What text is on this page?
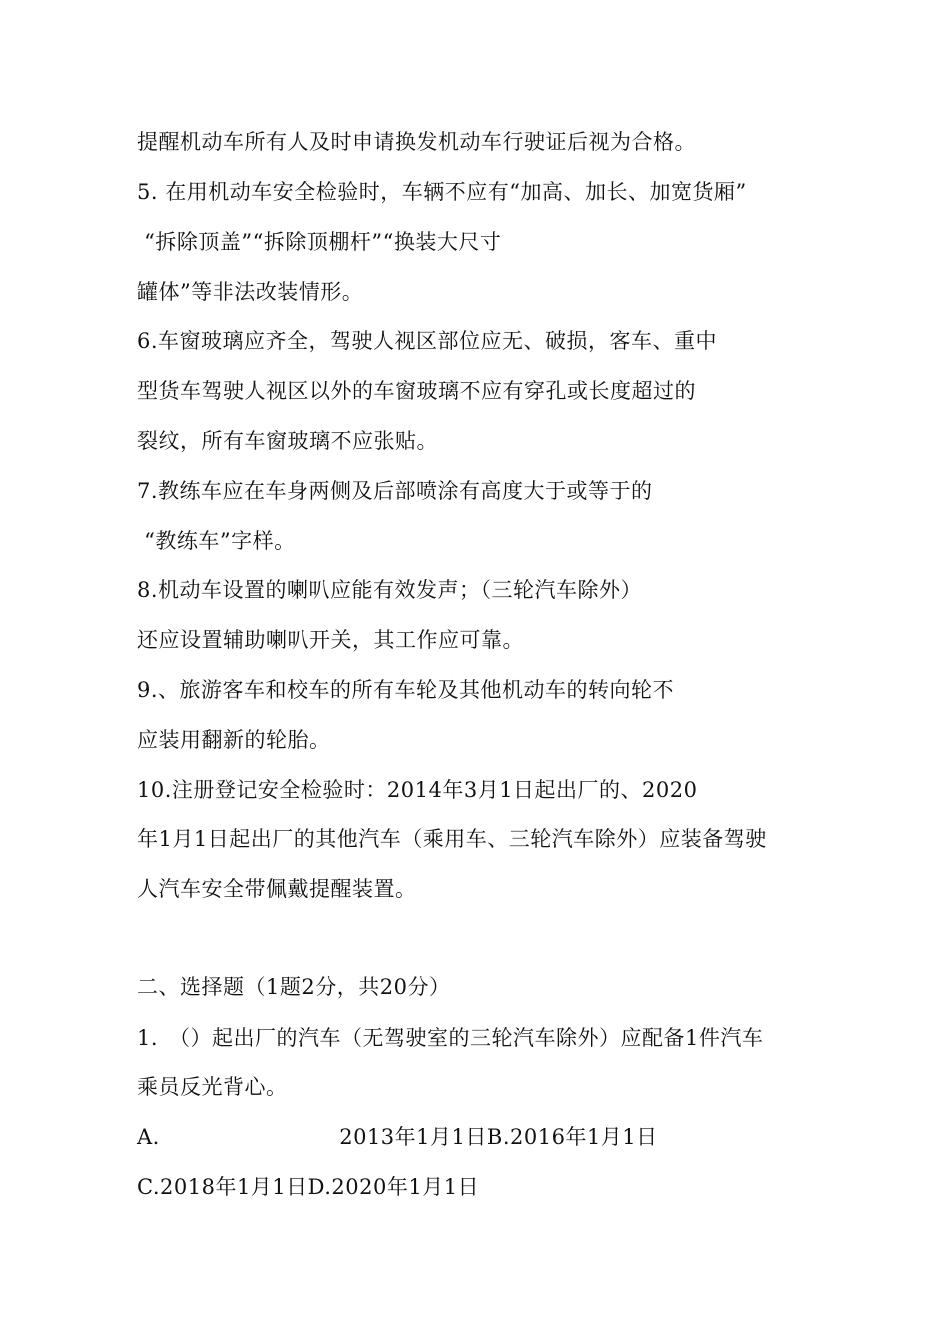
提醒机动车所有人及时申请换发机动车行驶证后视为合格。
5. 在用机动车安全检验时，车辆不应有“加高、加长、加宽货厢”
“拆除顶盖”“拆除顶棚杆”“换装大尺寸
罐体”等非法改装情形。
6.车窗玻璃应齐全，驾驶人视区部位应无、破损，客车、重中
型货车驾驶人视区以外的车窗玻璃不应有穿孔或长度超过的
裂纹，所有车窗玻璃不应张贴。
7.教练车应在车身两侧及后部喷涂有高度大于或等于的
“教练车”字样。
8.机动车设置的喇叭应能有效发声；（三轮汽车除外）
还应设置辅助喇叭开关，其工作应可靠。
9.、旅游客车和校车的所有车轮及其他机动车的转向轮不
应装用翻新的轮胎。
10.注册登记安全检验时：2014年3月1日起出厂的、2020
年1月1日起出厂的其他汽车（乘用车、三轮汽车除外）应装备驾驶
人汽车安全带佩戴提醒装置。
二、选择题（1题2分，共20分）
1.　（）起出厂的汽车（无驾驶室的三轮汽车除外）应配备1件汽车
乘员反光背心。
A.                         2013年1月1日B.2016年1月1日
C.2018年1月1日D.2020年1月1日
